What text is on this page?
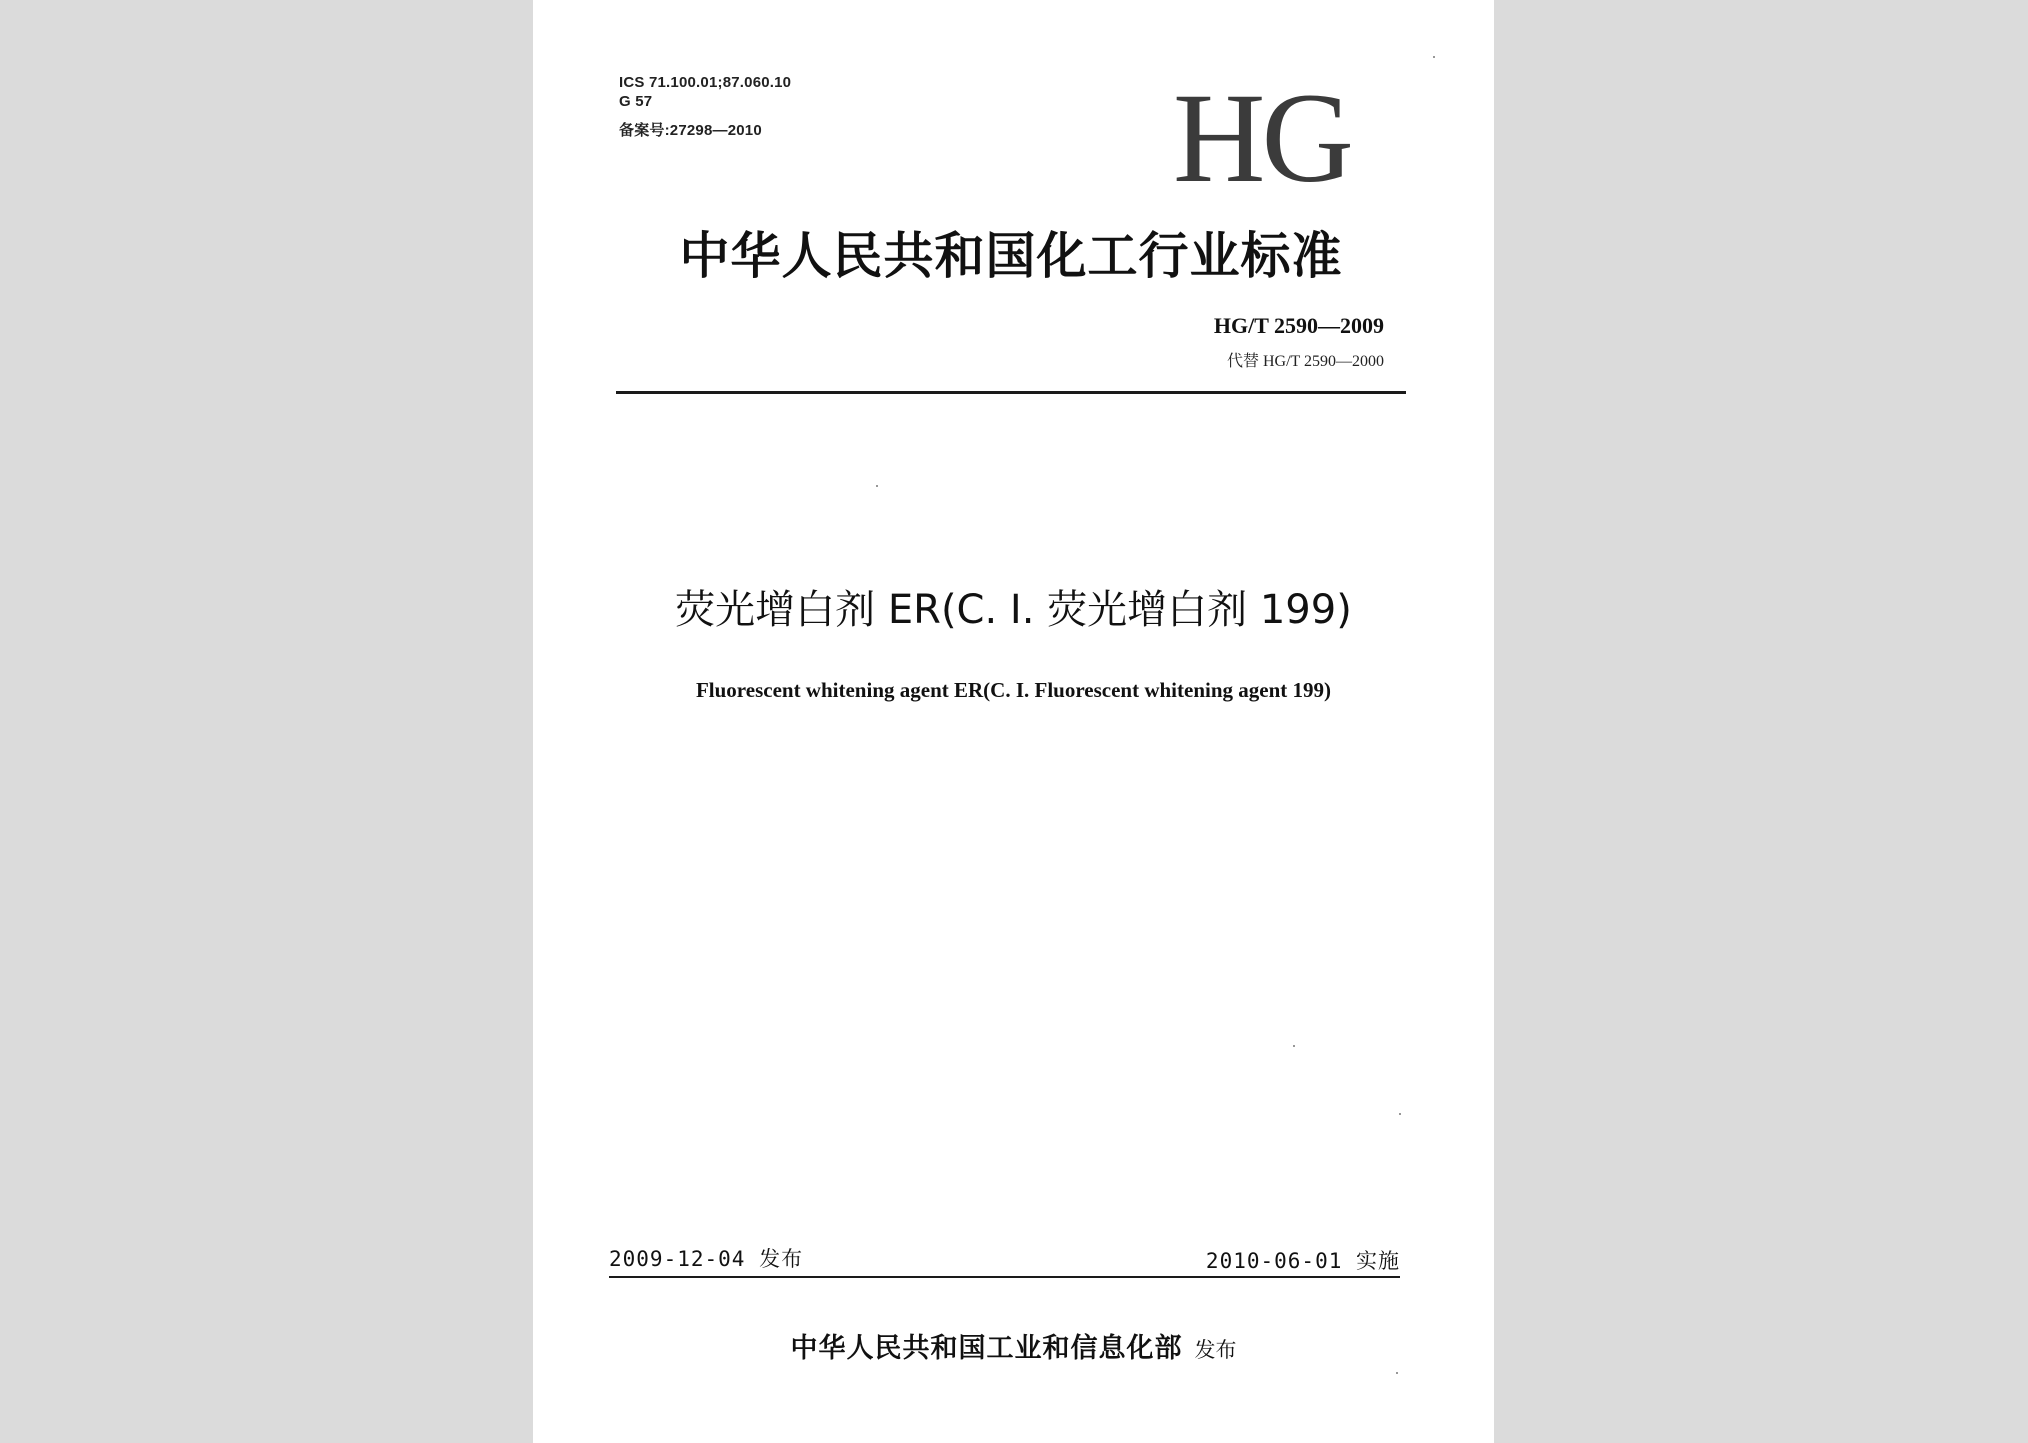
ICS 71.100.01;87.060.10
G 57
备案号:27298—2010	HG
中华人民共和国化工行业标准
HG/T 2590—2009
代替 HG/T 2590—2000
荧光增白剂 ER(C. I. 荧光增白剂 199)
Fluorescent whitening agent ER(C. I. Fluorescent whitening agent 199)
2009-12-04 发布	2010-06-01 实施
中华人民共和国工业和信息化部 发布
